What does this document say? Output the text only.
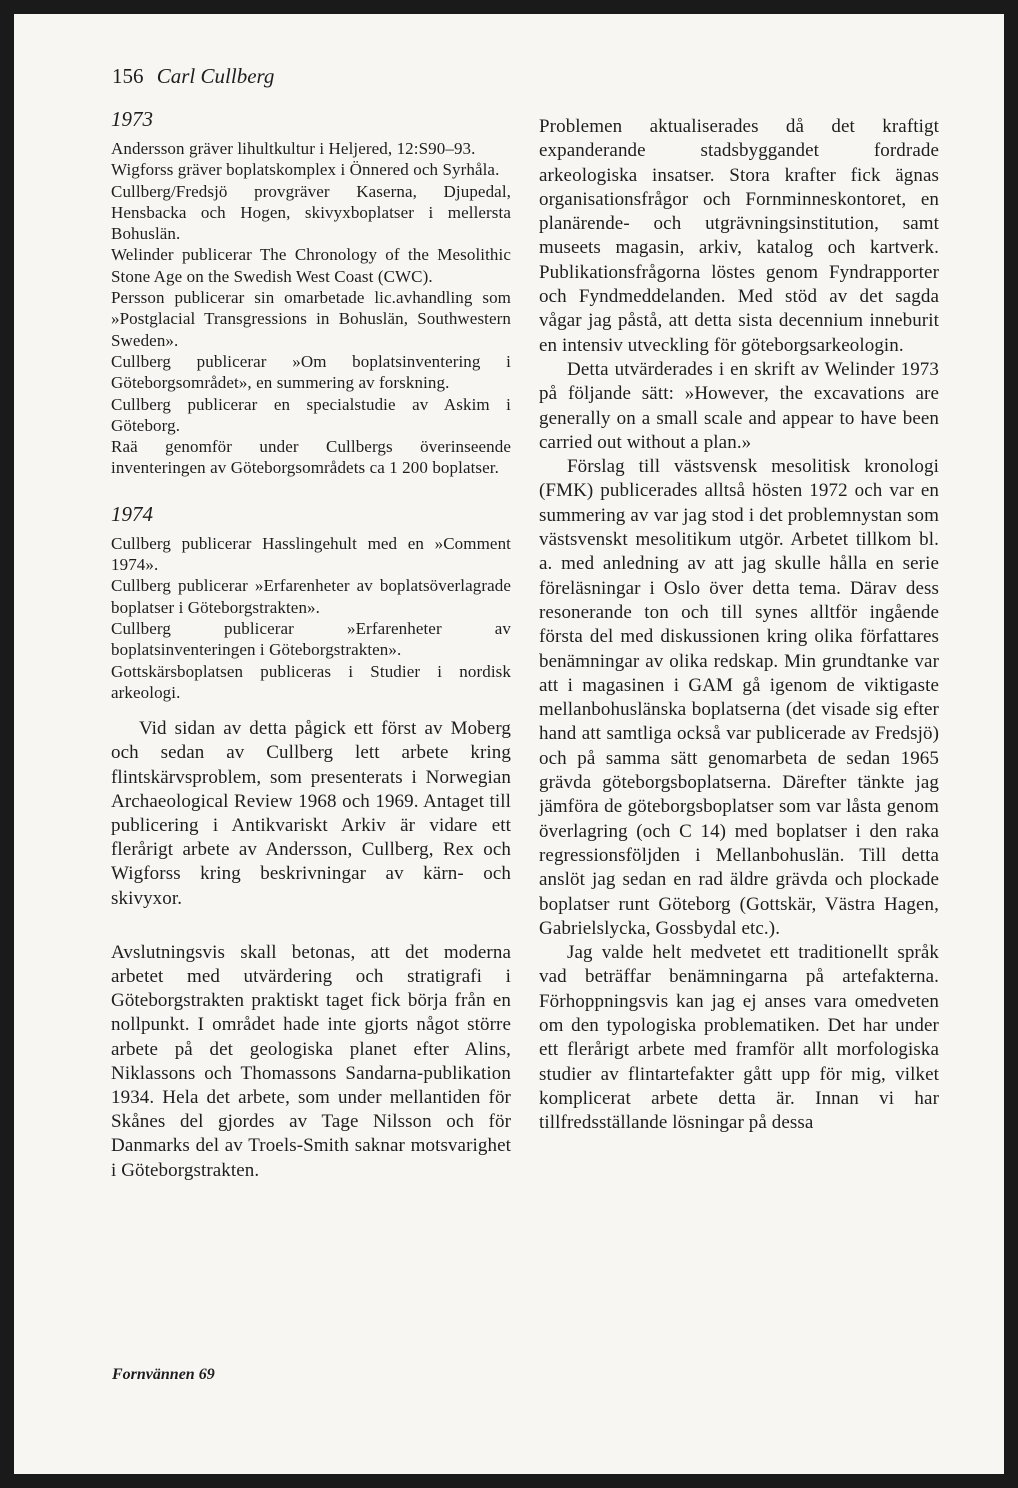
156 Carl Cullberg
1973

Andersson gräver lihultkultur i Heljered, 12:S90–93.

Wigforss gräver boplatskomplex i Önnered och Syrhåla.

Cullberg/Fredsjö provgräver Kaserna, Djupedal, Hensbacka och Hogen, skivyxboplatser i mellersta Bohuslän.

Welinder publicerar The Chronology of the Mesolithic Stone Age on the Swedish West Coast (CWC).

Persson publicerar sin omarbetade lic.avhandling som »Postglacial Transgressions in Bohuslän, Southwestern Sweden».

Cullberg publicerar »Om boplatsinventering i Göteborgsområdet», en summering av forskning.

Cullberg publicerar en specialstudie av Askim i Göteborg.

Raä genomför under Cullbergs överinseende inventeringen av Göteborgsområdets ca 1 200 boplatser.

1974

Cullberg publicerar Hasslingehult med en »Comment 1974».

Cullberg publicerar »Erfarenheter av boplatsöverlagrade boplatser i Göteborgstrakten».

Cullberg publicerar »Erfarenheter av boplatsinventeringen i Göteborgstrakten».

Gottskärsboplatsen publiceras i Studier i nordisk arkeologi.

Vid sidan av detta pågick ett först av Moberg och sedan av Cullberg lett arbete kring flintskärvsproblem, som presenterats i Norwegian Archaeological Review 1968 och 1969. Antaget till publicering i Antikvariskt Arkiv är vidare ett flerårigt arbete av Andersson, Cullberg, Rex och Wigforss kring beskrivningar av kärn- och skivyxor.

Avslutningsvis skall betonas, att det moderna arbetet med utvärdering och stratigrafi i Göteborgstrakten praktiskt taget fick börja från en nollpunkt. I området hade inte gjorts något större arbete på det geologiska planet efter Alins, Niklassons och Thomassons Sandarna-publikation 1934. Hela det arbete, som under mellantiden för Skånes del gjordes av Tage Nilsson och för Danmarks del av Troels-Smith saknar motsvarighet i Göteborgstrakten.

Problemen aktualiserades då det kraftigt expanderande stadsbyggandet fordrade arkeologiska insatser. Stora krafter fick ägnas organisationsfrågor och Fornminneskontoret, en planärende- och utgrävningsinstitution, samt museets magasin, arkiv, katalog och kartverk. Publikationsfrågorna löstes genom Fyndrapporter och Fyndmeddelanden. Med stöd av det sagda vågar jag påstå, att detta sista decennium inneburit en intensiv utveckling för göteborgsarkeologin.

Detta utvärderades i en skrift av Welinder 1973 på följande sätt: »However, the excavations are generally on a small scale and appear to have been carried out without a plan.»

Förslag till västsvensk mesolitisk kronologi (FMK) publicerades alltså hösten 1972 och var en summering av var jag stod i det problemnystan som västsvenskt mesolitikum utgör. Arbetet tillkom bl. a. med anledning av att jag skulle hålla en serie föreläsningar i Oslo över detta tema. Därav dess resonerande ton och till synes alltför ingående första del med diskussionen kring olika författares benämningar av olika redskap. Min grundtanke var att i magasinen i GAM gå igenom de viktigaste mellanbohuslänska boplatserna (det visade sig efter hand att samtliga också var publicerade av Fredsjö) och på samma sätt genomarbeta de sedan 1965 grävda göteborgsboplatserna. Därefter tänkte jag jämföra de göteborgsboplatser som var låsta genom överlagring (och C 14) med boplatser i den raka regressionsföljden i Mellanbohuslän. Till detta anslöt jag sedan en rad äldre grävda och plockade boplatser runt Göteborg (Gottskär, Västra Hagen, Gabrielslycka, Gossbydal etc.).

Jag valde helt medvetet ett traditionellt språk vad beträffar benämningarna på artefakterna. Förhoppningsvis kan jag ej anses vara omedveten om den typologiska problematiken. Det har under ett flerårigt arbete med framför allt morfologiska studier av flintartefakter gått upp för mig, vilket komplicerat arbete detta är. Innan vi har tillfredsställande lösningar på dessa

Fornvännen 69
